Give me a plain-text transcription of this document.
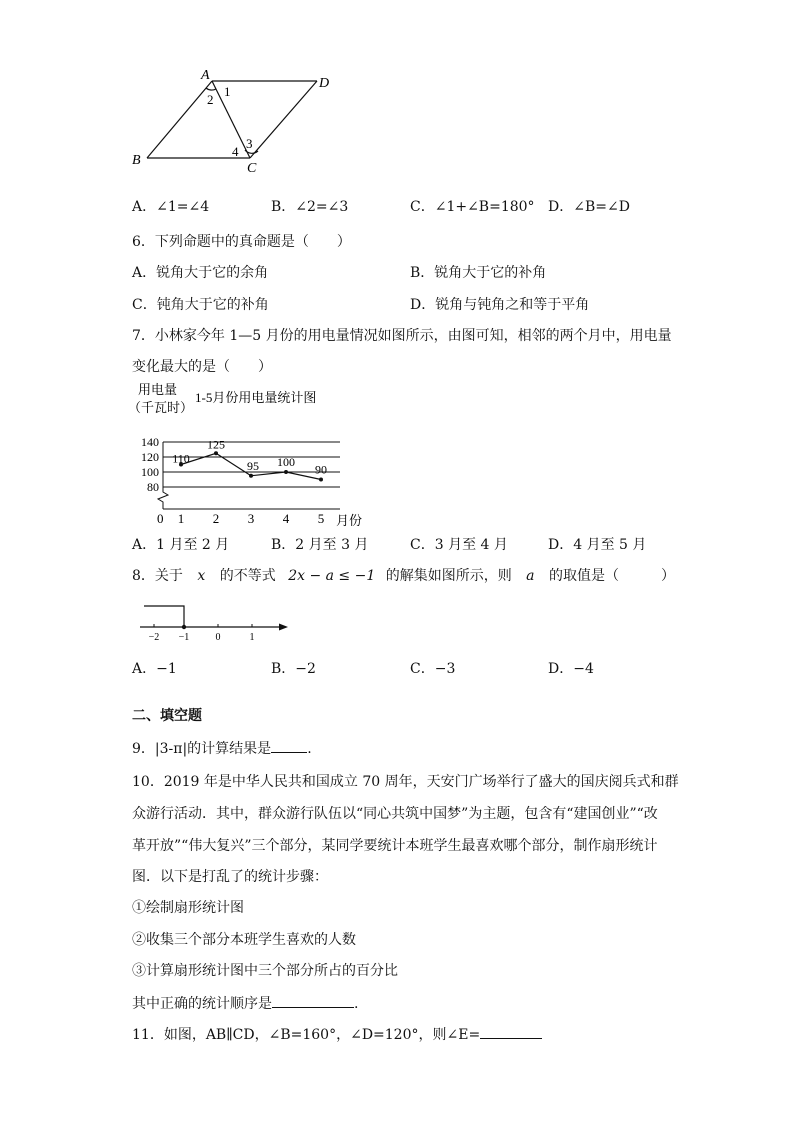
A
D
B
C
1
2
3
4
A．∠1=∠4	B．∠2=∠3	C．∠1+∠B=180° D．∠B=∠D
6．下列命题中的真命题是（　　）
A．锐角大于它的余角	B．锐角大于它的补角
C．钝角大于它的补角	D．锐角与钝角之和等于平角
7．小林家今年 1—5 月份的用电量情况如图所示，由图可知，相邻的两个月中，用电量
变化最大的是（　　）
用电量
（千瓦时）
1-5月份用电量统计图
80
100
120
140
1 2 3 4 5
110
125
95 100
90
0	月份
A．1 月至 2 月	B．2 月至 3 月	C．3 月至 4 月	D．4 月至 5 月
8．关于 x 的不等式 2x − a ≤ −1 的解集如图所示，则 a 的取值是（　　　）
−2 −1	0	1
A．−1	B．−2	C．−3	D．−4
二、填空题
9．|3-π|的计算结果是	.
10．2019 年是中华人民共和国成立 70 周年，天安门广场举行了盛大的国庆阅兵式和群
众游行活动．其中，群众游行队伍以“同心共筑中国梦”为主题，包含有“建国创业”“改
革开放”“伟大复兴”三个部分，某同学要统计本班学生最喜欢哪个部分，制作扇形统计
图．以下是打乱了的统计步骤：
①绘制扇形统计图
②收集三个部分本班学生喜欢的人数
③计算扇形统计图中三个部分所占的百分比
其中正确的统计顺序是	.
11．如图，AB∥CD，∠B=160°，∠D=120°，则∠E=
